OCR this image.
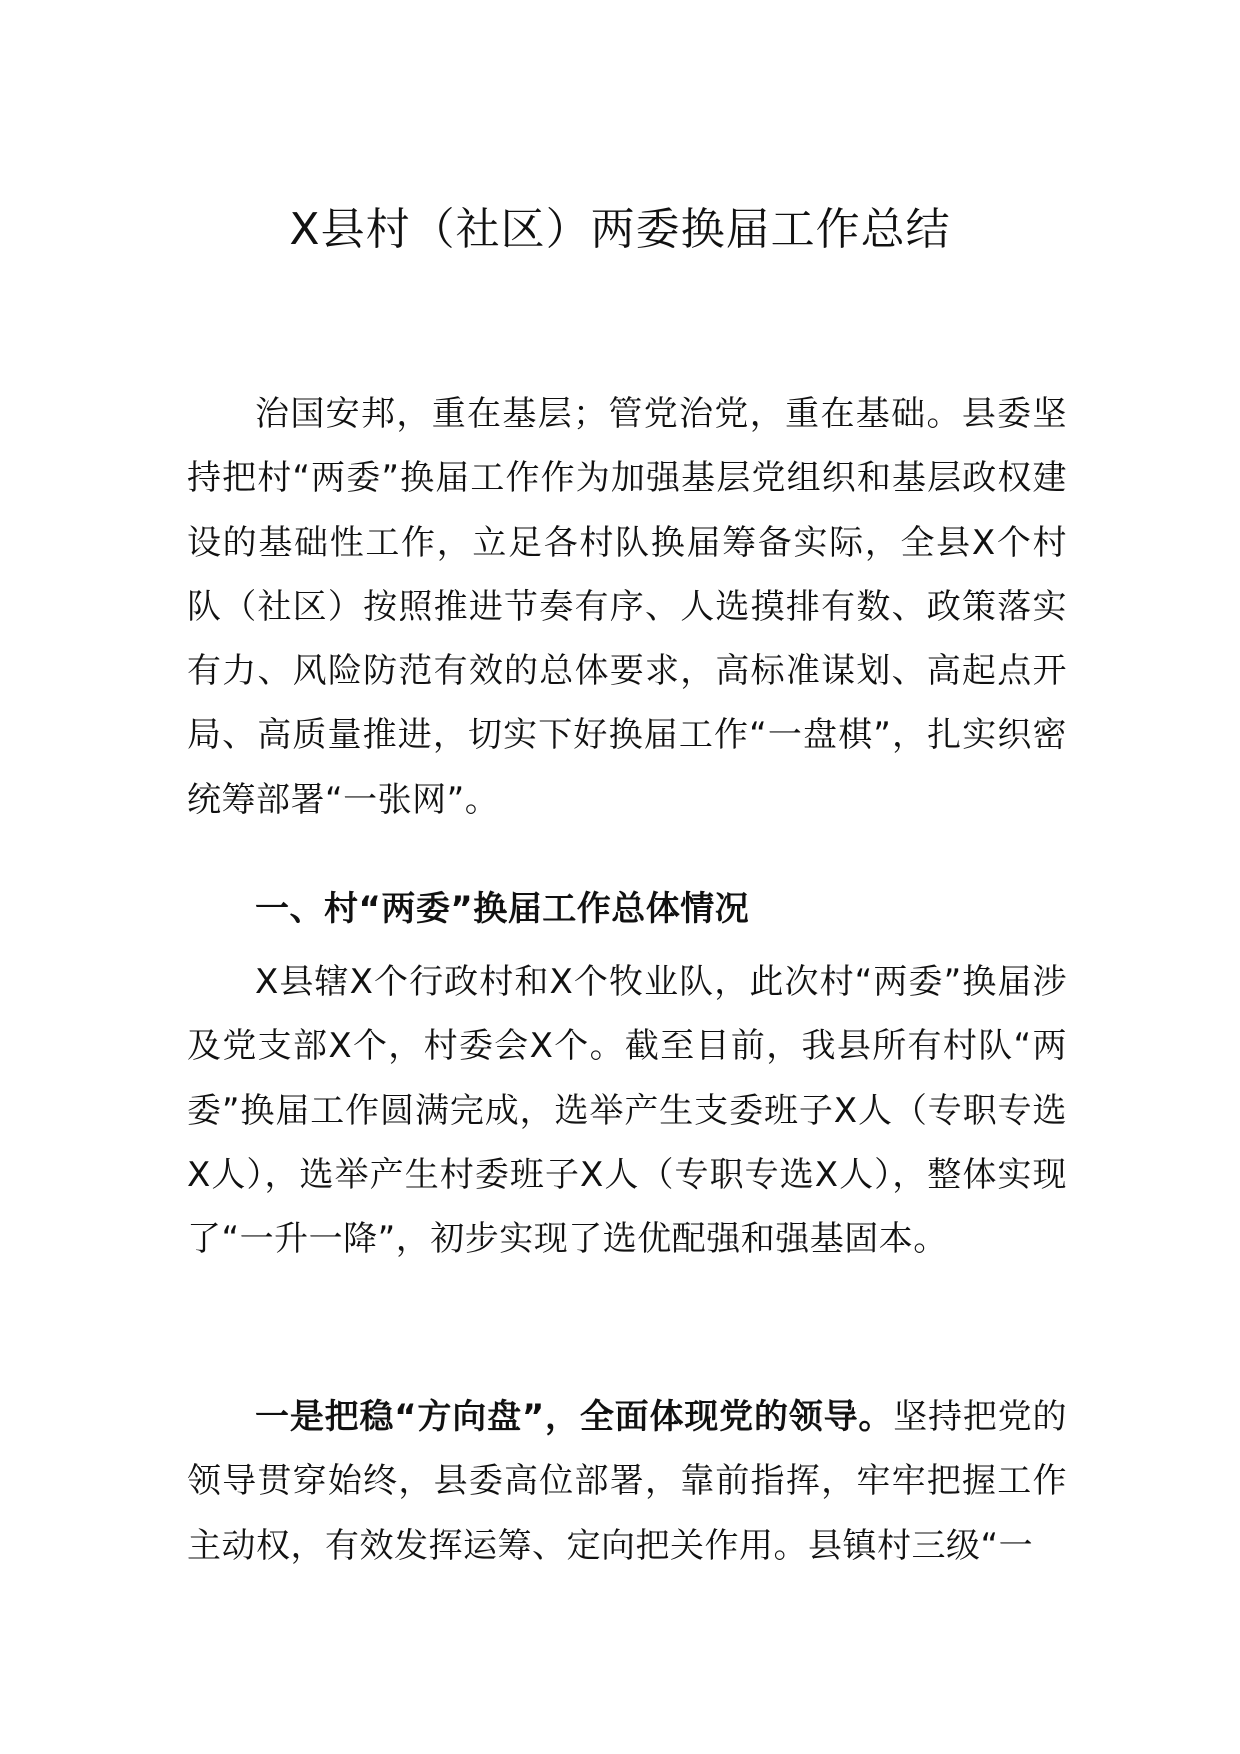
X县村（社区）两委换届工作总结

治国安邦，重在基层；管党治党，重在基础。县委坚持把村“两委”换届工作作为加强基层党组织和基层政权建设的基础性工作，立足各村队换届筹备实际，全县X个村队（社区）按照推进节奏有序、人选摸排有数、政策落实有力、风险防范有效的总体要求，高标准谋划、高起点开局、高质量推进，切实下好换届工作“一盘棋”，扎实织密统筹部署“一张网”。

一、村“两委”换届工作总体情况

X县辖X个行政村和X个牧业队，此次村“两委”换届涉及党支部X个，村委会X个。截至目前，我县所有村队“两委”换届工作圆满完成，选举产生支委班子X人（专职专选X人），选举产生村委班子X人（专职专选X人），整体实现了“一升一降”，初步实现了选优配强和强基固本。

一是把稳“方向盘”，全面体现党的领导。坚持把党的领导贯穿始终，县委高位部署，靠前指挥，牢牢把握工作主动权，有效发挥运筹、定向把关作用。县镇村三级“一
